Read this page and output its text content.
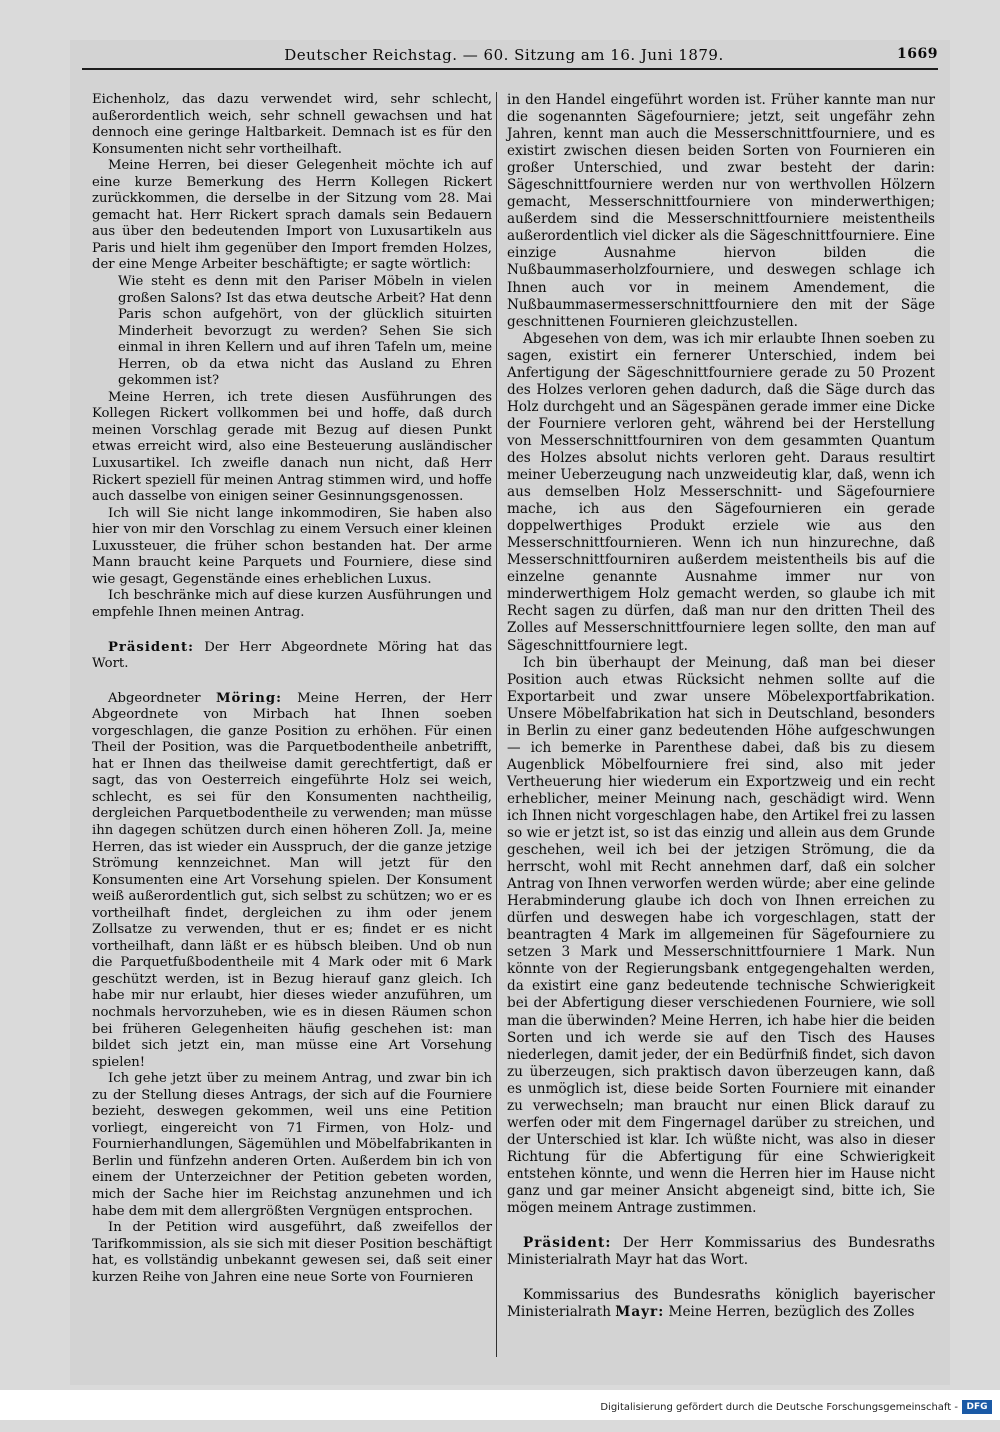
Deutscher Reichstag. — 60. Sitzung am 16. Juni 1879.	1669

Eichenholz, das dazu verwendet wird, sehr schlecht, außerordentlich weich, sehr schnell gewachsen und hat dennoch eine geringe Haltbarkeit. Demnach ist es für den Konsumenten nicht sehr vortheilhaft.

Meine Herren, bei dieser Gelegenheit möchte ich auf eine kurze Bemerkung des Herrn Kollegen Rickert zurückkommen, die derselbe in der Sitzung vom 28. Mai gemacht hat. Herr Rickert sprach damals sein Bedauern aus über den bedeutenden Import von Luxusartikeln aus Paris und hielt ihm gegenüber den Import fremden Holzes, der eine Menge Arbeiter beschäftigte; er sagte wörtlich:

Wie steht es denn mit den Pariser Möbeln in vielen großen Salons? Ist das etwa deutsche Arbeit? Hat denn Paris schon aufgehört, von der glücklich situirten Minderheit bevorzugt zu werden? Sehen Sie sich einmal in ihren Kellern und auf ihren Tafeln um, meine Herren, ob da etwa nicht das Ausland zu Ehren gekommen ist?

Meine Herren, ich trete diesen Ausführungen des Kollegen Rickert vollkommen bei und hoffe, daß durch meinen Vorschlag gerade mit Bezug auf diesen Punkt etwas erreicht wird, also eine Besteuerung ausländischer Luxusartikel. Ich zweifle danach nun nicht, daß Herr Rickert speziell für meinen Antrag stimmen wird, und hoffe auch dasselbe von einigen seiner Gesinnungsgenossen.

Ich will Sie nicht lange inkommodiren, Sie haben also hier von mir den Vorschlag zu einem Versuch einer kleinen Luxussteuer, die früher schon bestanden hat. Der arme Mann braucht keine Parquets und Fourniere, diese sind wie gesagt, Gegenstände eines erheblichen Luxus.

Ich beschränke mich auf diese kurzen Ausführungen und empfehle Ihnen meinen Antrag.

Präsident: Der Herr Abgeordnete Möring hat das Wort.

Abgeordneter Möring: Meine Herren, der Herr Abgeordnete von Mirbach hat Ihnen soeben vorgeschlagen, die ganze Position zu erhöhen. Für einen Theil der Position, was die Parquetbodentheile anbetrifft, hat er Ihnen das theilweise damit gerechtfertigt, daß er sagt, das von Oesterreich eingeführte Holz sei weich, schlecht, es sei für den Konsumenten nachtheilig, dergleichen Parquetbodentheile zu verwenden; man müsse ihn dagegen schützen durch einen höheren Zoll. Ja, meine Herren, das ist wieder ein Ausspruch, der die ganze jetzige Strömung kennzeichnet. Man will jetzt für den Konsumenten eine Art Vorsehung spielen. Der Konsument weiß außerordentlich gut, sich selbst zu schützen; wo er es vortheilhaft findet, dergleichen zu ihm oder jenem Zollsatze zu verwenden, thut er es; findet er es nicht vortheilhaft, dann läßt er es hübsch bleiben. Und ob nun die Parquetfußbodentheile mit 4 Mark oder mit 6 Mark geschützt werden, ist in Bezug hierauf ganz gleich. Ich habe mir nur erlaubt, hier dieses wieder anzuführen, um nochmals hervorzuheben, wie es in diesen Räumen schon bei früheren Gelegenheiten häufig geschehen ist: man bildet sich jetzt ein, man müsse eine Art Vorsehung spielen!

Ich gehe jetzt über zu meinem Antrag, und zwar bin ich zu der Stellung dieses Antrags, der sich auf die Fourniere bezieht, deswegen gekommen, weil uns eine Petition vorliegt, eingereicht von 71 Firmen, von Holz- und Fournierhandlungen, Sägemühlen und Möbelfabrikanten in Berlin und fünfzehn anderen Orten. Außerdem bin ich von einem der Unterzeichner der Petition gebeten worden, mich der Sache hier im Reichstag anzunehmen und ich habe dem mit dem allergrößten Vergnügen entsprochen.

In der Petition wird ausgeführt, daß zweifellos der Tarifkommission, als sie sich mit dieser Position beschäftigt hat, es vollständig unbekannt gewesen sei, daß seit einer kurzen Reihe von Jahren eine neue Sorte von Fournieren

in den Handel eingeführt worden ist. Früher kannte man nur die sogenannten Sägefourniere; jetzt, seit ungefähr zehn Jahren, kennt man auch die Messerschnittfourniere, und es existirt zwischen diesen beiden Sorten von Fournieren ein großer Unterschied, und zwar besteht der darin: Sägeschnittfourniere werden nur von werthvollen Hölzern gemacht, Messerschnittfourniere von minderwerthigen; außerdem sind die Messerschnittfourniere meistentheils außerordentlich viel dicker als die Sägeschnittfourniere. Eine einzige Ausnahme hiervon bilden die Nußbaummaserholzfourniere, und deswegen schlage ich Ihnen auch vor in meinem Amendement, die Nußbaummasermesserschnittfourniere den mit der Säge geschnittenen Fournieren gleichzustellen.

Abgesehen von dem, was ich mir erlaubte Ihnen soeben zu sagen, existirt ein fernerer Unterschied, indem bei Anfertigung der Sägeschnittfourniere gerade zu 50 Prozent des Holzes verloren gehen dadurch, daß die Säge durch das Holz durchgeht und an Sägespänen gerade immer eine Dicke der Fourniere verloren geht, während bei der Herstellung von Messerschnittfourniren von dem gesammten Quantum des Holzes absolut nichts verloren geht. Daraus resultirt meiner Ueberzeugung nach unzweideutig klar, daß, wenn ich aus demselben Holz Messerschnitt- und Sägefourniere mache, ich aus den Sägefournieren ein gerade doppelwerthiges Produkt erziele wie aus den Messerschnittfournieren. Wenn ich nun hinzurechne, daß Messerschnittfourniren außerdem meistentheils bis auf die einzelne genannte Ausnahme immer nur von minderwerthigem Holz gemacht werden, so glaube ich mit Recht sagen zu dürfen, daß man nur den dritten Theil des Zolles auf Messerschnittfourniere legen sollte, den man auf Sägeschnittfourniere legt.

Ich bin überhaupt der Meinung, daß man bei dieser Position auch etwas Rücksicht nehmen sollte auf die Exportarbeit und zwar unsere Möbelexportfabrikation. Unsere Möbelfabrikation hat sich in Deutschland, besonders in Berlin zu einer ganz bedeutenden Höhe aufgeschwungen — ich bemerke in Parenthese dabei, daß bis zu diesem Augenblick Möbelfourniere frei sind, also mit jeder Vertheuerung hier wiederum ein Exportzweig und ein recht erheblicher, meiner Meinung nach, geschädigt wird. Wenn ich Ihnen nicht vorgeschlagen habe, den Artikel frei zu lassen so wie er jetzt ist, so ist das einzig und allein aus dem Grunde geschehen, weil ich bei der jetzigen Strömung, die da herrscht, wohl mit Recht annehmen darf, daß ein solcher Antrag von Ihnen verworfen werden würde; aber eine gelinde Herabminderung glaube ich doch von Ihnen erreichen zu dürfen und deswegen habe ich vorgeschlagen, statt der beantragten 4 Mark im allgemeinen für Sägefourniere zu setzen 3 Mark und Messerschnittfourniere 1 Mark. Nun könnte von der Regierungsbank entgegengehalten werden, da existirt eine ganz bedeutende technische Schwierigkeit bei der Abfertigung dieser verschiedenen Fourniere, wie soll man die überwinden? Meine Herren, ich habe hier die beiden Sorten und ich werde sie auf den Tisch des Hauses niederlegen, damit jeder, der ein Bedürfniß findet, sich davon zu überzeugen, sich praktisch davon überzeugen kann, daß es unmöglich ist, diese beide Sorten Fourniere mit einander zu verwechseln; man braucht nur einen Blick darauf zu werfen oder mit dem Fingernagel darüber zu streichen, und der Unterschied ist klar. Ich wüßte nicht, was also in dieser Richtung für die Abfertigung für eine Schwierigkeit entstehen könnte, und wenn die Herren hier im Hause nicht ganz und gar meiner Ansicht abgeneigt sind, bitte ich, Sie mögen meinem Antrage zustimmen.

Präsident: Der Herr Kommissarius des Bundesraths Ministerialrath Mayr hat das Wort.

Kommissarius des Bundesraths königlich bayerischer Ministerialrath Mayr: Meine Herren, bezüglich des Zolles

Digitalisierung gefördert durch die Deutsche Forschungsgemeinschaft - DFG
